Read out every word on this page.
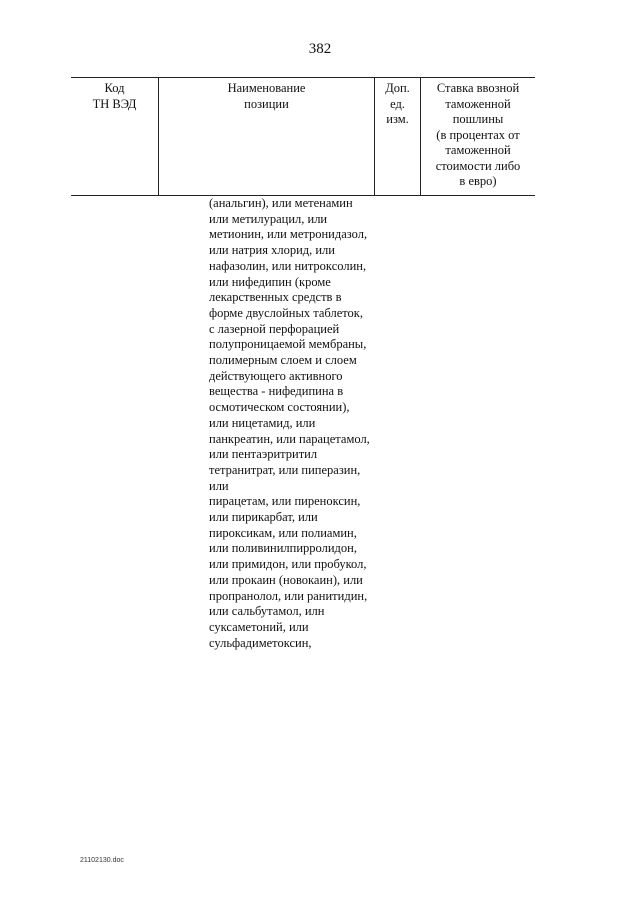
382
Код
ТН ВЭД
Наименование
позиции
Доп.
ед.
изм.
Ставка ввозной
таможенной
пошлины
(в процентах от
таможенной
стоимости либо
в евро)
(анальгин), или метенамин
или метилурацил, или
метионин, или метронидазол,
или натрия хлорид, или
нафазолин, или нитроксолин,
или нифедипин (кроме
лекарственных средств в
форме двуслойных таблеток,
с лазерной перфорацией
полупроницаемой мембраны,
полимерным слоем и слоем
действующего активного
вещества - нифедипина в
осмотическом состоянии),
или ницетамид, или
панкреатин, или парацетамол,
или пентаэритритил
тетранитрат, или пиперазин,
или
пирацетам, или пиреноксин,
или пирикарбат, или
пироксикам, или полиамин,
или поливинилпирролидон,
или примидон, или пробукол,
или прокаин (новокаин), или
пропранолол, или ранитидин,
или сальбутамол, илн
суксаметоний, или
сульфадиметоксин,
21102130.doc
